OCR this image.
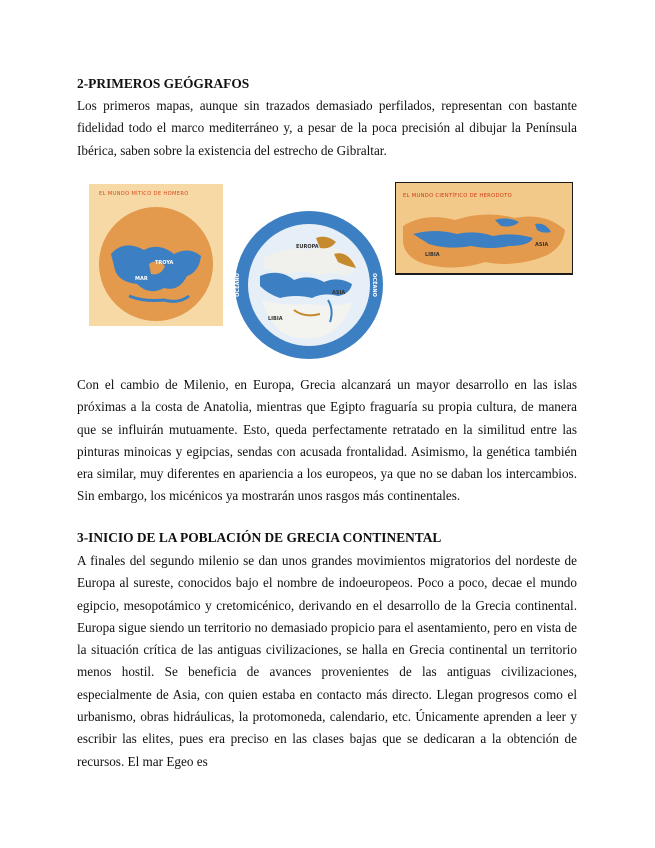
2-PRIMEROS GEÓGRAFOS
Los primeros mapas, aunque sin trazados demasiado perfilados, representan con bastante fidelidad todo el marco mediterráneo y, a pesar de la poca precisión al dibujar la Península Ibérica, saben sobre la existencia del estrecho de Gibraltar.
EL MUNDO MÍTICO DE HOMERO
TROYA
MAR
EUROPA
ASIA
LIBIA
OCÉANO	OCÉANO
EL MUNDO CIENTÍFICO DE HERODOTO
LIBIA
ASIA
Con el cambio de Milenio, en Europa, Grecia alcanzará un mayor desarrollo en las islas próximas a la costa de Anatolia, mientras que Egipto fraguaría su propia cultura, de manera que se influirán mutuamente. Esto, queda perfectamente retratado en la similitud entre las pinturas minoicas y egipcias, sendas con acusada frontalidad. Asimismo, la genética también era similar, muy diferentes en apariencia a los europeos, ya que no se daban los intercambios. Sin embargo, los micénicos ya mostrarán unos rasgos más continentales.
3-INICIO DE LA POBLACIÓN DE GRECIA CONTINENTAL
A finales del segundo milenio se dan unos grandes movimientos migratorios del nordeste de Europa al sureste, conocidos bajo el nombre de indoeuropeos. Poco a poco, decae el mundo egipcio, mesopotámico y cretomicénico, derivando en el desarrollo de la Grecia continental. Europa sigue siendo un territorio no demasiado propicio para el asentamiento, pero en vista de la situación crítica de las antiguas civilizaciones, se halla en Grecia continental un territorio menos hostil. Se beneficia de avances provenientes de las antiguas civilizaciones, especialmente de Asia, con quien estaba en contacto más directo. Llegan progresos como el urbanismo, obras hidráulicas, la protomoneda, calendario, etc. Únicamente aprenden a leer y escribir las elites, pues era preciso en las clases bajas que se dedicaran a la obtención de recursos. El mar Egeo es
